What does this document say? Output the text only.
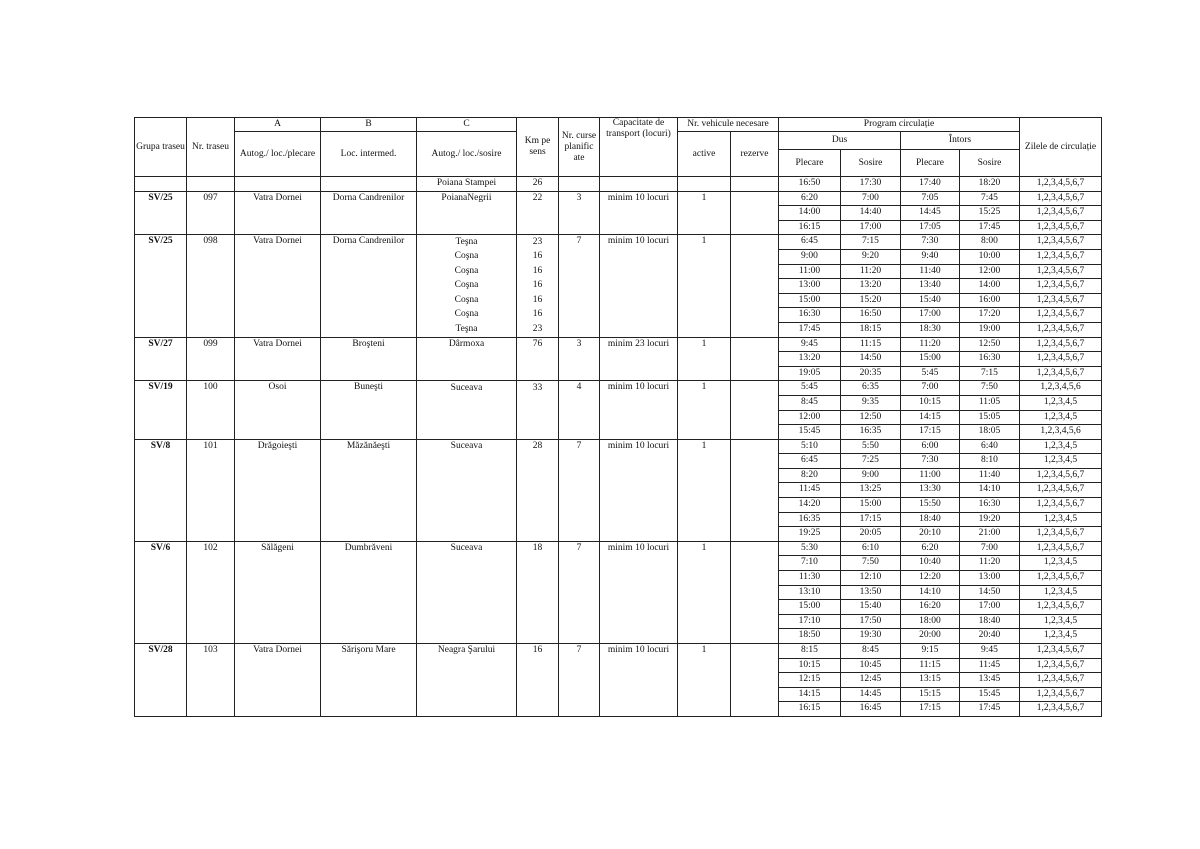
Grupa traseu	Nr. traseu	A	B	C	Km pe sens	Nr. curse planific ate	Capacitate de transport (locuri)	Nr. vehicule necesare		Program circulație				Zilele de circulație
		Autog./ loc./plecare	Loc. intermed.	Autog./ loc./sosire				active	rezerve	Dus		Întors		
										Plecare	Sosire	Plecare	Sosire	
				Poiana Stampei	26					16:50	17:30	17:40	18:20	1,2,3,4,5,6,7
SV/25	097	Vatra Dornei	Dorna Candrenilor	PoianaNegrii	22	3	minim 10 locuri	1		6:20	7:00	7:05	7:45	1,2,3,4,5,6,7
										14:00	14:40	14:45	15:25	1,2,3,4,5,6,7
										16:15	17:00	17:05	17:45	1,2,3,4,5,6,7
SV/25	098	Vatra Dornei	Dorna Candrenilor	Teşna	23	7	minim 10 locuri	1		6:45	7:15	7:30	8:00	1,2,3,4,5,6,7
				Coşna	16					9:00	9:20	9:40	10:00	1,2,3,4,5,6,7
				Coşna	16					11:00	11:20	11:40	12:00	1,2,3,4,5,6,7
				Coşna	16					13:00	13:20	13:40	14:00	1,2,3,4,5,6,7
				Coşna	16					15:00	15:20	15:40	16:00	1,2,3,4,5,6,7
				Coşna	16					16:30	16:50	17:00	17:20	1,2,3,4,5,6,7
				Teşna	23					17:45	18:15	18:30	19:00	1,2,3,4,5,6,7
SV/27	099	Vatra Dornei	Broşteni	Dârmoxa	76	3	minim 23 locuri	1		9:45	11:15	11:20	12:50	1,2,3,4,5,6,7
										13:20	14:50	15:00	16:30	1,2,3,4,5,6,7
										19:05	20:35	5:45	7:15	1,2,3,4,5,6,7
SV/19	100	Osoi	Buneşti	Suceava	33	4	minim 10 locuri	1		5:45	6:35	7:00	7:50	1,2,3,4,5,6
										8:45	9:35	10:15	11:05	1,2,3,4,5
										12:00	12:50	14:15	15:05	1,2,3,4,5
										15:45	16:35	17:15	18:05	1,2,3,4,5,6
SV/8	101	Drăgoieşti	Măzănăeşti	Suceava	28	7	minim 10 locuri	1		5:10	5:50	6:00	6:40	1,2,3,4,5
										6:45	7:25	7:30	8:10	1,2,3,4,5
										8:20	9:00	11:00	11:40	1,2,3,4,5,6,7
										11:45	13:25	13:30	14:10	1,2,3,4,5,6,7
										14:20	15:00	15:50	16:30	1,2,3,4,5,6,7
										16:35	17:15	18:40	19:20	1,2,3,4,5
										19:25	20:05	20:10	21:00	1,2,3,4,5,6,7
SV/6	102	Sălăgeni	Dumbrăveni	Suceava	18	7	minim 10 locuri	1		5:30	6:10	6:20	7:00	1,2,3,4,5,6,7
										7:10	7:50	10:40	11:20	1,2,3,4,5
										11:30	12:10	12:20	13:00	1,2,3,4,5,6,7
										13:10	13:50	14:10	14:50	1,2,3,4,5
										15:00	15:40	16:20	17:00	1,2,3,4,5,6,7
										17:10	17:50	18:00	18:40	1,2,3,4,5
										18:50	19:30	20:00	20:40	1,2,3,4,5
SV/28	103	Vatra Dornei	Sărişoru Mare	Neagra Şarului	16	7	minim 10 locuri	1		8:15	8:45	9:15	9:45	1,2,3,4,5,6,7
										10:15	10:45	11:15	11:45	1,2,3,4,5,6,7
										12:15	12:45	13:15	13:45	1,2,3,4,5,6,7
										14:15	14:45	15:15	15:45	1,2,3,4,5,6,7
										16:15	16:45	17:15	17:45	1,2,3,4,5,6,7
